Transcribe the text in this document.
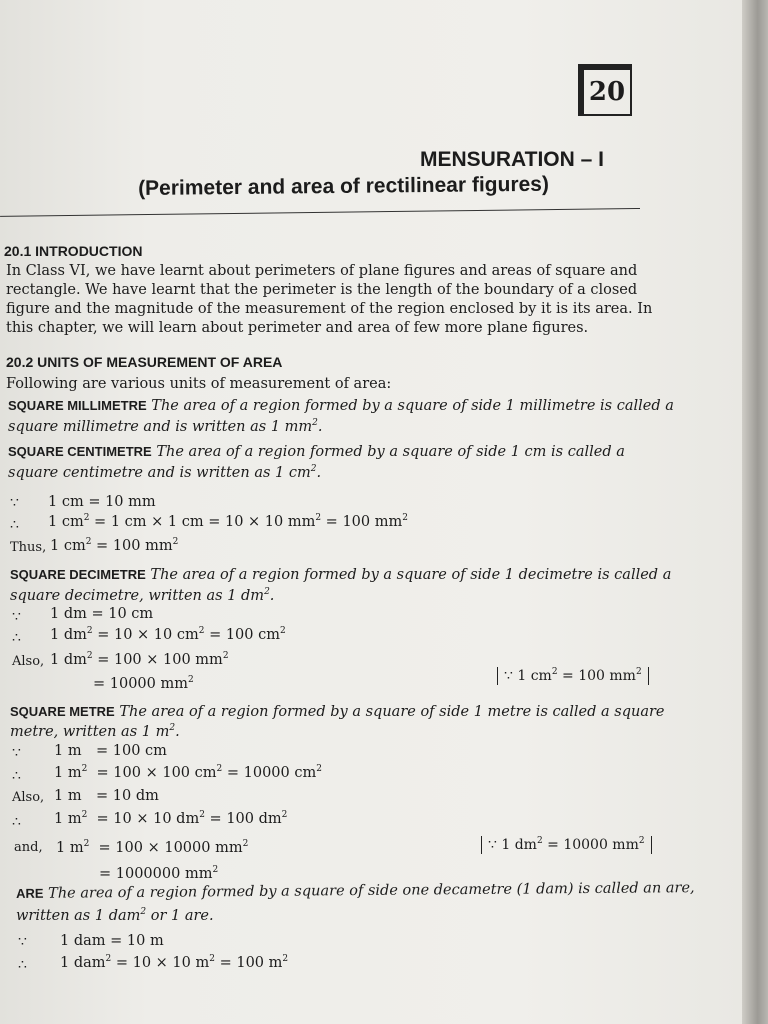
20
MENSURATION – I
(Perimeter and area of rectilinear figures)
20.1 INTRODUCTION
In Class VI, we have learnt about perimeters of plane figures and areas of square and
rectangle. We have learnt that the perimeter is the length of the boundary of a closed
figure and the magnitude of the measurement of the region enclosed by it is its area. In
this chapter, we will learn about perimeter and area of few more plane figures.
20.2 UNITS OF MEASUREMENT OF AREA
Following are various units of measurement of area:
SQUARE MILLIMETRE The area of a region formed by a square of side 1 millimetre is called a
square millimetre and is written as 1 $mm^2$.
SQUARE CENTIMETRE The area of a region formed by a square of side 1 cm is called a
square centimetre and is written as 1 $cm^2$.
∵ 1 cm = 10 mm
∴ 1 $cm^2 = 1$ cm × 1 cm = 10 × 10 $mm^2 = 100$ $mm^2$
Thus, 1 $cm^2 = 100$ $mm^2$
SQUARE DECIMETRE The area of a region formed by a square of side 1 decimetre is called a
square decimetre, written as 1 $dm^2$.
∵ 1 dm = 10 cm
∴ 1 $dm^2 = 10 \times 10$ $cm^2 = 100$ $cm^2$
Also, 1 $dm^2 = 100 \times 100$ $mm^2$
= 10000 $mm^2$	∵ 1 $cm^2 = 100$ $mm^2$
SQUARE METRE The area of a region formed by a square of side 1 metre is called a square
metre, written as 1 $m^2$.
∵ 1 m = 100 cm
∴ 1 $m^2 = 100 \times 100$ $cm^2 = 10000$ $cm^2$
Also, 1 m = 10 dm
∴ 1 $m^2 = 10 \times 10$ $dm^2 = 100$ $dm^2$
and, 1 $m^2 = 100 \times 10000$ $mm^2$	∵ 1 $dm^2 = 10000$ $mm^2$
= 1000000 $mm^2$
ARE The area of a region formed by a square of side one decametre (1 dam) is called an are,
written as 1 dam$^2$ or 1 are.
∵ 1 dam = 10 m
∴ 1 dam$^2$ = 10 × 10 $m^2 = 100$ $m^2$
